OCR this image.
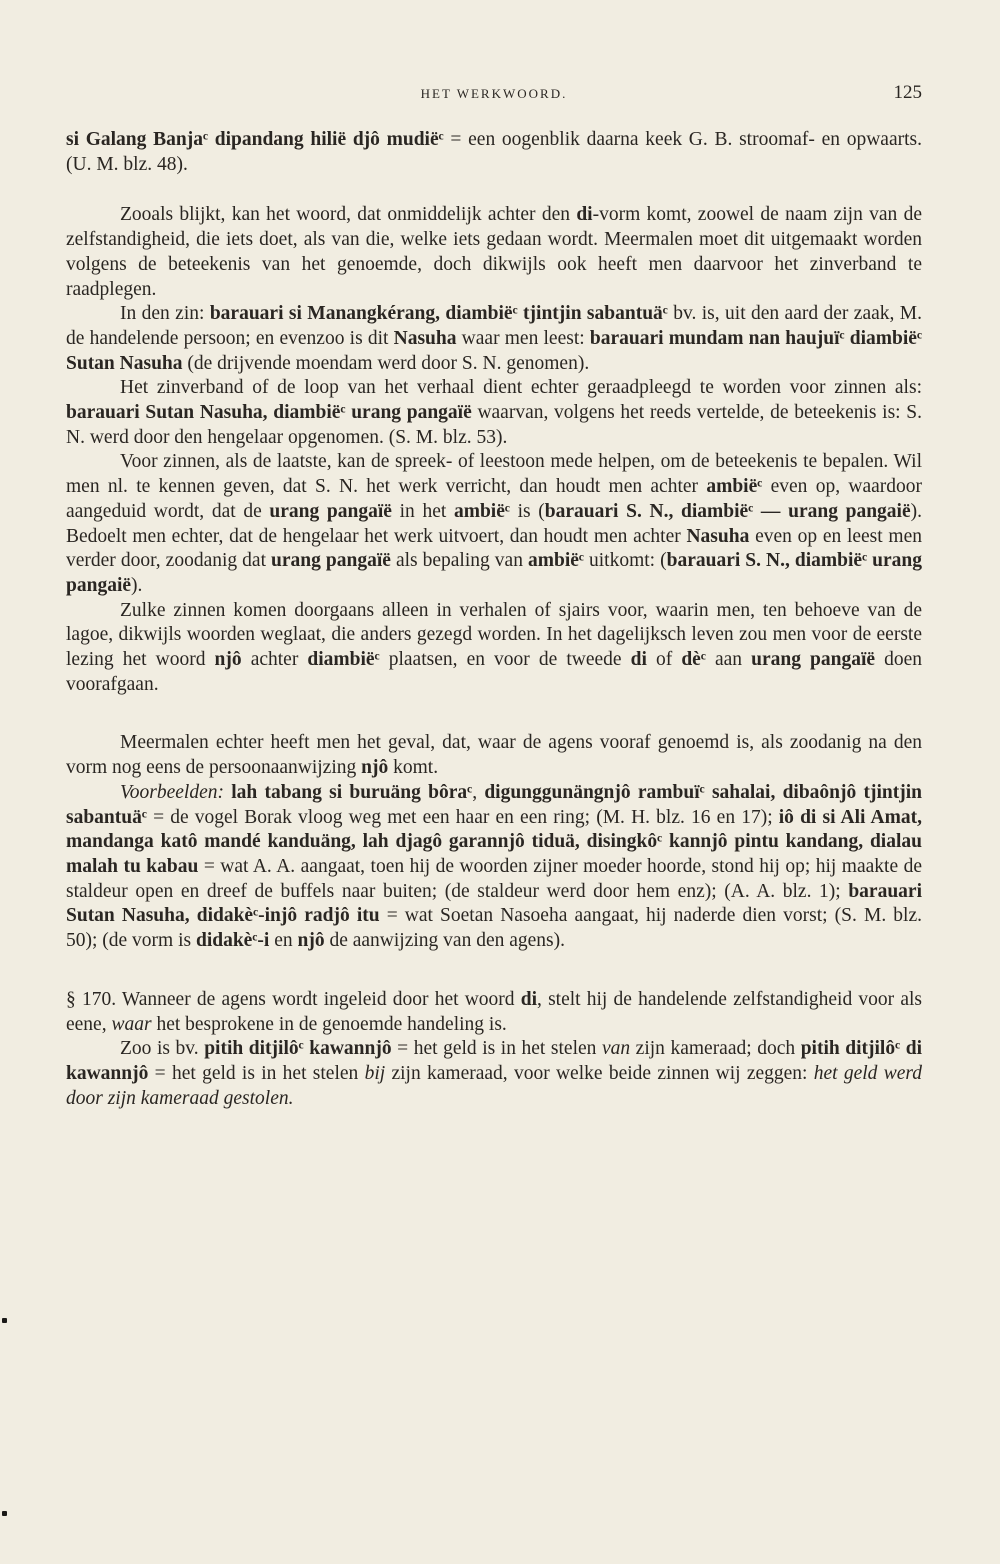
HET WERKWOORD.	125

si Galang Banjaᶜ dipandang hilië djô mudiëᶜ = een oogenblik daarna keek G. B. stroomaf- en opwaarts. (U. M. blz. 48).

Zooals blijkt, kan het woord, dat onmiddelijk achter den di-vorm komt, zoowel de naam zijn van de zelfstandigheid, die iets doet, als van die, welke iets gedaan wordt. Meermalen moet dit uitgemaakt worden volgens de beteekenis van het genoemde, doch dikwijls ook heeft men daarvoor het zinverband te raadplegen.

In den zin: barauari si Manangkérang, diambiëᶜ tjintjin sabantuäᶜ bv. is, uit den aard der zaak, M. de handelende persoon; en evenzoo is dit Nasuha waar men leest: barauari mundam nan haujuïᶜ diambiëᶜ Sutan Nasuha (de drijvende moendam werd door S. N. genomen).

Het zinverband of de loop van het verhaal dient echter geraadpleegd te worden voor zinnen als: barauari Sutan Nasuha, diambiëᶜ urang pangaïë waarvan, volgens het reeds vertelde, de beteekenis is: S. N. werd door den hengelaar opgenomen. (S. M. blz. 53).

Voor zinnen, als de laatste, kan de spreek- of leestoon mede helpen, om de beteekenis te bepalen. Wil men nl. te kennen geven, dat S. N. het werk verricht, dan houdt men achter ambiëᶜ even op, waardoor aangeduid wordt, dat de urang pangaïë in het ambiëᶜ is (barauari S. N., diambiëᶜ — urang pangaië). Bedoelt men echter, dat de hengelaar het werk uitvoert, dan houdt men achter Nasuha even op en leest men verder door, zoodanig dat urang pangaïë als bepaling van ambiëᶜ uitkomt: (barauari S. N., diambiëᶜ urang pangaië).

Zulke zinnen komen doorgaans alleen in verhalen of sjairs voor, waarin men, ten behoeve van de lagoe, dikwijls woorden weglaat, die anders gezegd worden. In het dagelijksch leven zou men voor de eerste lezing het woord njô achter diambiëᶜ plaatsen, en voor de tweede di of dèᶜ aan urang pangaïë doen voorafgaan.

Meermalen echter heeft men het geval, dat, waar de agens vooraf genoemd is, als zoodanig na den vorm nog eens de persoonaanwijzing njô komt.

Voorbeelden: lah tabang si buruäng bôraᶜ, digunggunängnjô rambuïᶜ sahalai, dibaônjô tjintjin sabantuäᶜ = de vogel Borak vloog weg met een haar en een ring; (M. H. blz. 16 en 17); iô di si Ali Amat, mandanga katô mandé kanduäng, lah djagô garannjô tiduä, disingkôᶜ kannjô pintu kandang, dialau malah tu kabau = wat A. A. aangaat, toen hij de woorden zijner moeder hoorde, stond hij op; hij maakte de staldeur open en dreef de buffels naar buiten; (de staldeur werd door hem enz); (A. A. blz. 1); barauari Sutan Nasuha, didakèᶜ-injô radjô itu = wat Soetan Nasoeha aangaat, hij naderde dien vorst; (S. M. blz. 50); (de vorm is didakèᶜ-i en njô de aanwijzing van den agens).

§ 170. Wanneer de agens wordt ingeleid door het woord di, stelt hij de handelende zelfstandigheid voor als eene, waar het besprokene in de genoemde handeling is.

Zoo is bv. pitih ditjilôᶜ kawannjô = het geld is in het stelen van zijn kameraad; doch pitih ditjilôᶜ di kawannjô = het geld is in het stelen bij zijn kameraad, voor welke beide zinnen wij zeggen: het geld werd door zijn kameraad gestolen.
